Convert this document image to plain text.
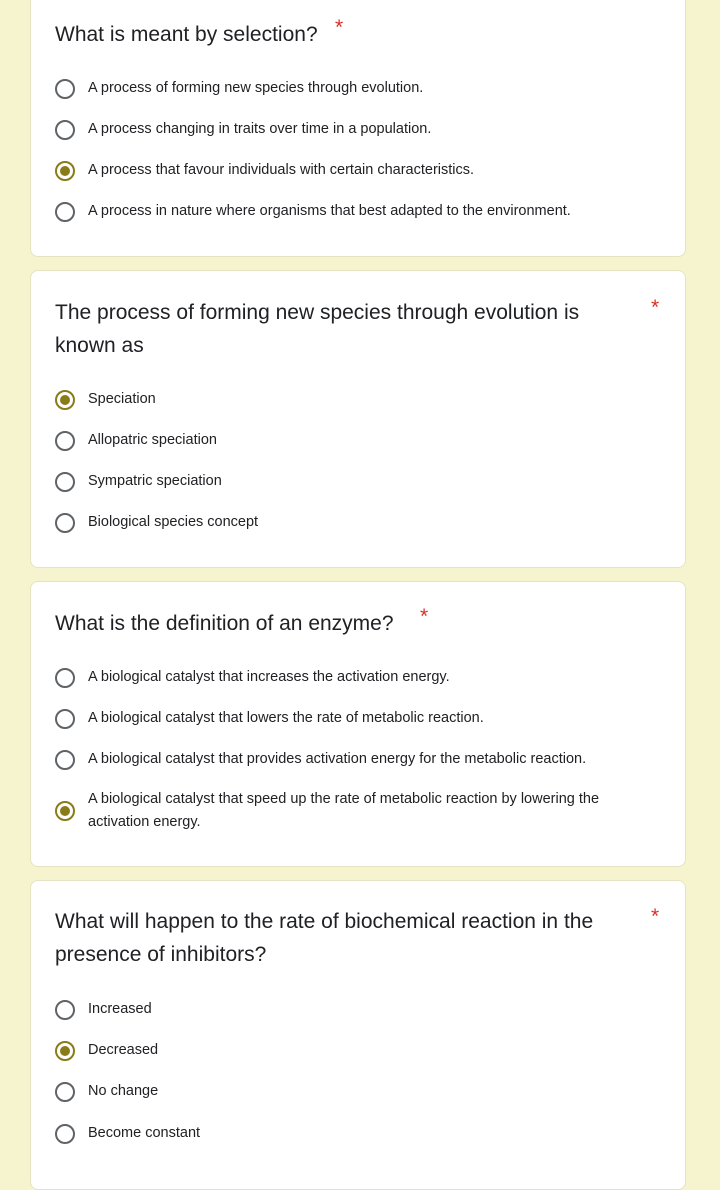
What is meant by selection? *
A process of forming new species through evolution.
A process changing in traits over time in a population.
A process that favour individuals with certain characteristics.
A process in nature where organisms that best adapted to the environment.
The process of forming new species through evolution is known as
*
Speciation
Allopatric speciation
Sympatric speciation
Biological species concept
What is the definition of an enzyme? *
A biological catalyst that increases the activation energy.
A biological catalyst that lowers the rate of metabolic reaction.
A biological catalyst that provides activation energy for the metabolic reaction.
A biological catalyst that speed up the rate of metabolic reaction by lowering the activation energy.
What will happen to the rate of biochemical reaction in the presence of inhibitors?
*
Increased
Decreased
No change
Become constant
